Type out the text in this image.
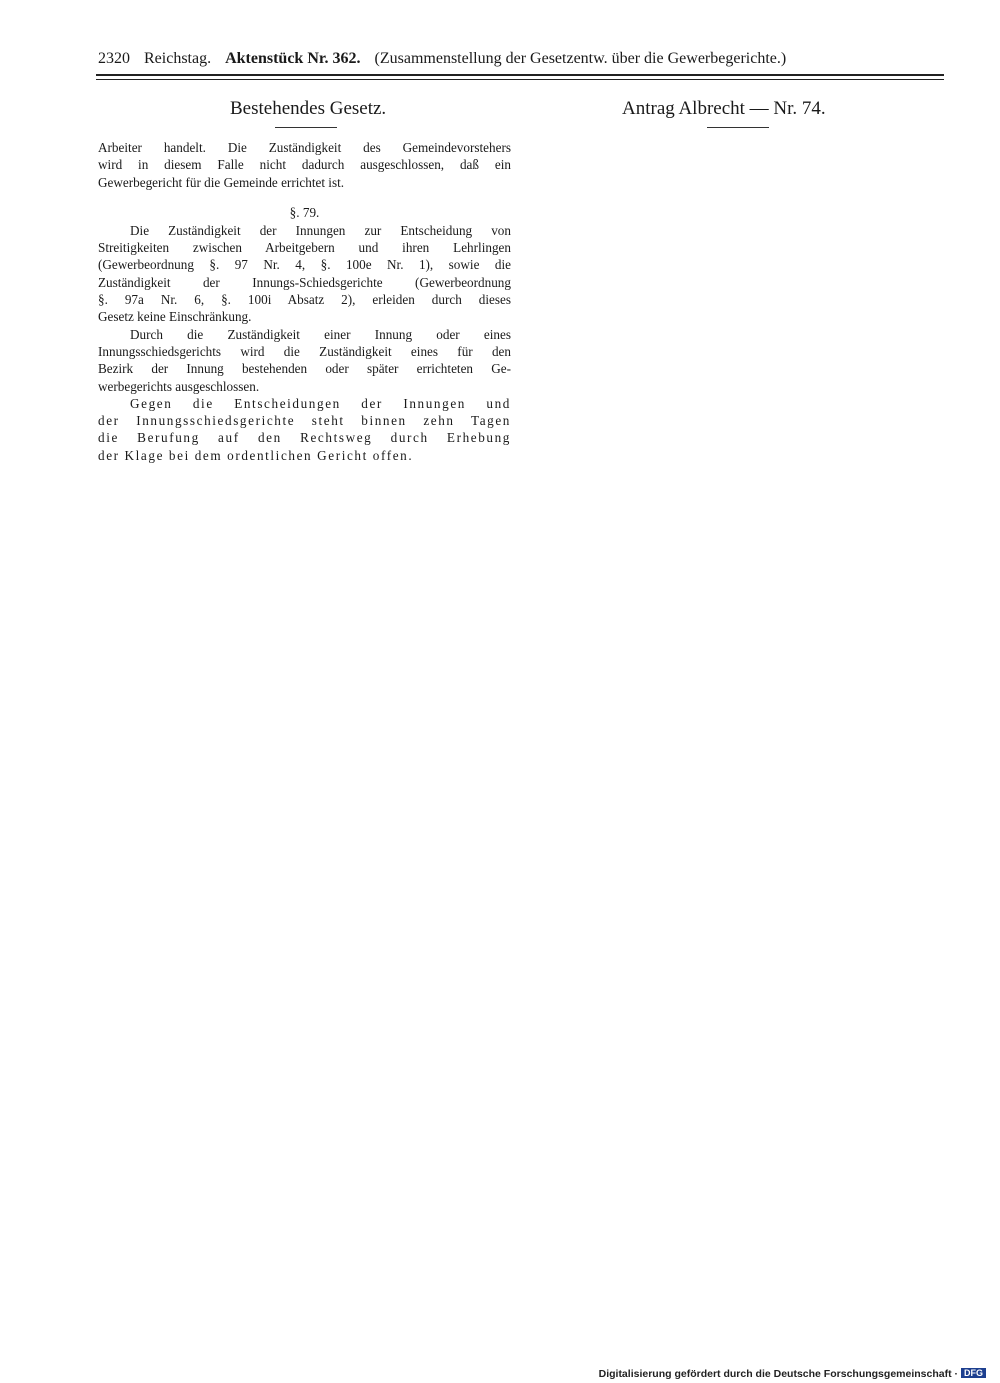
2320 Reichstag. Aktenstück Nr. 362. (Zusammenstellung der Gesetzentw. über die Gewerbegerichte.)
Bestehendes Gesetz.	Antrag Albrecht — Nr. 74.
Arbeiter handelt. Die Zuständigkeit des Gemeindevorstehers
wird in diesem Falle nicht dadurch ausgeschlossen, daß ein
Gewerbegericht für die Gemeinde errichtet ist.
§. 79.
Die Zuständigkeit der Innungen zur Entscheidung von
Streitigkeiten zwischen Arbeitgebern und ihren Lehrlingen
(Gewerbeordnung §. 97 Nr. 4, §. 100e Nr. 1), sowie die
Zuständigkeit der Innungs-Schiedsgerichte (Gewerbeordnung
§. 97a Nr. 6, §. 100i Absatz 2), erleiden durch dieses
Gesetz keine Einschränkung.
Durch die Zuständigkeit einer Innung oder eines
Innungsschiedsgerichts wird die Zuständigkeit eines für den
Bezirk der Innung bestehenden oder später errichteten Ge-
werbegerichts ausgeschlossen.
Gegen die Entscheidungen der Innungen und
der Innungsschiedsgerichte steht binnen zehn Tagen
die Berufung auf den Rechtsweg durch Erhebung
der Klage bei dem ordentlichen Gericht offen.
Digitalisierung gefördert durch die Deutsche Forschungsgemeinschaft · DFG
